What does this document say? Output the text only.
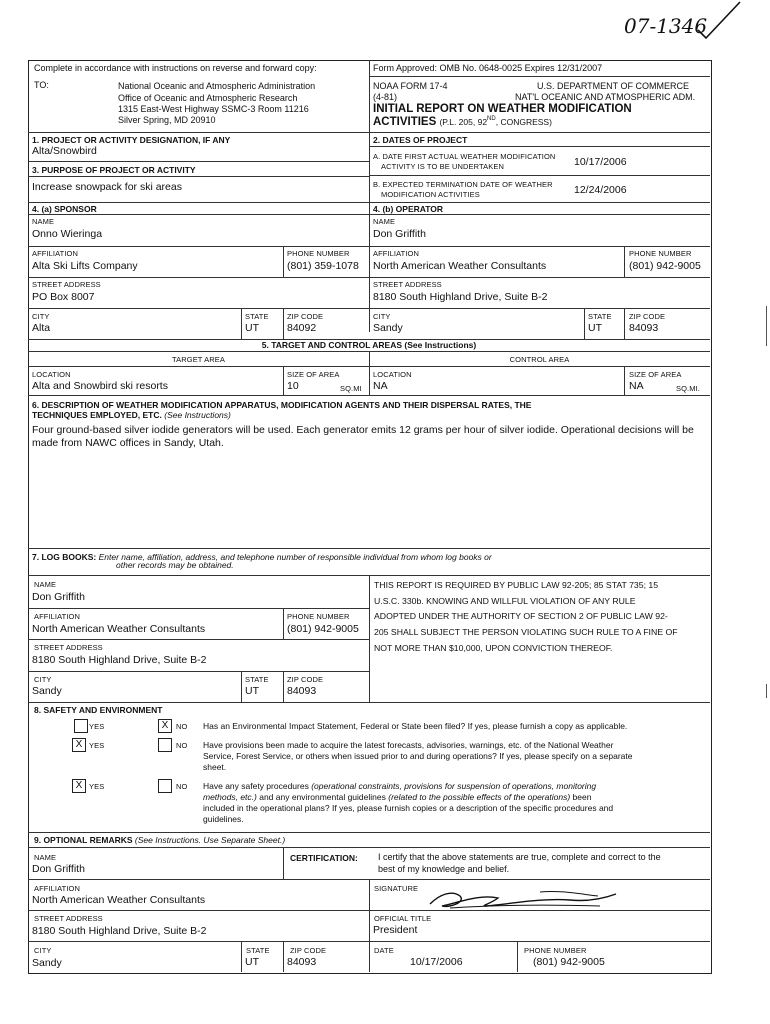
07-1346
Complete in accordance with instructions on reverse and forward copy:
TO:	National Oceanic and Atmospheric Administration
Office of Oceanic and Atmospheric Research
1315 East-West Highway SSMC-3 Room 11216
Silver Spring, MD 20910
Form Approved: OMB No. 0648-0025 Expires 12/31/2007
NOAA FORM 17-4	U.S. DEPARTMENT OF COMMERCE
(4-81)	NAT'L OCEANIC AND ATMOSPHERIC ADM.
INITIAL REPORT ON WEATHER MODIFICATION
ACTIVITIES (P.L. 205, 92ND, CONGRESS)
1. PROJECT OR ACTIVITY DESIGNATION, IF ANY
Alta/Snowbird
2. DATES OF PROJECT
A. DATE FIRST ACTUAL WEATHER MODIFICATION
ACTIVITY IS TO BE UNDERTAKEN	10/17/2006
3. PURPOSE OF PROJECT OR ACTIVITY
B. EXPECTED TERMINATION DATE OF WEATHER
MODIFICATION ACTIVITIES	12/24/2006
Increase snowpack for ski areas
4. (a) SPONSOR	4. (b) OPERATOR
NAME
Onno Wieringa
NAME
Don Griffith
AFFILIATION
Alta Ski Lifts Company
PHONE NUMBER
(801) 359-1078
AFFILIATION
North American Weather Consultants
PHONE NUMBER
(801) 942-9005
STREET ADDRESS
PO Box 8007
STREET ADDRESS
8180 South Highland Drive, Suite B-2
CITY
Alta
STATE
UT
ZIP CODE
84092
CITY
Sandy
STATE
UT
ZIP CODE
84093
5. TARGET AND CONTROL AREAS (See Instructions)
TARGET AREA	CONTROL AREA
LOCATION
Alta and Snowbird ski resorts
SIZE OF AREA
10	SQ.MI
LOCATION
NA
SIZE OF AREA
NA	SQ.MI.
6. DESCRIPTION OF WEATHER MODIFICATION APPARATUS, MODIFICATION AGENTS AND THEIR DISPERSAL RATES, THE
TECHNIQUES EMPLOYED, ETC. (See Instructions)
Four ground-based silver iodide generators will be used. Each generator emits 12 grams per hour of silver iodide. Operational decisions will be made from NAWC offices in Sandy, Utah.
7. LOG BOOKS: Enter name, affiliation, address, and telephone number of responsible individual from whom log books or
other records may be obtained.
NAME
Don Griffith
AFFILIATION
North American Weather Consultants
PHONE NUMBER
(801) 942-9005
STREET ADDRESS
8180 South Highland Drive, Suite B-2
CITY
Sandy
STATE
UT
ZIP CODE
84093
THIS REPORT IS REQUIRED BY PUBLIC LAW 92-205; 85 STAT 735; 15
U.S.C. 330b. KNOWING AND WILLFUL VIOLATION OF ANY RULE
ADOPTED UNDER THE AUTHORITY OF SECTION 2 OF PUBLIC LAW 92-
205 SHALL SUBJECT THE PERSON VIOLATING SUCH RULE TO A FINE OF
NOT MORE THAN $10,000, UPON CONVICTION THEREOF.
8. SAFETY AND ENVIRONMENT
YES	X	NO Has an Environmental Impact Statement, Federal or State been filed? If yes, please furnish a copy as applicable.
X YES	NO Have provisions been made to acquire the latest forecasts, advisories, warnings, etc. of the National Weather
Service, Forest Service, or others when issued prior to and during operations? If yes, please specify on a separate
sheet.
X YES	NO Have any safety procedures (operational constraints, provisions for suspension of operations, monitoring
methods, etc.) and any environmental guidelines (related to the possible effects of the operations) been
included in the operational plans? If yes, please furnish copies or a description of the specific procedures and
guidelines.
9. OPTIONAL REMARKS (See Instructions. Use Separate Sheet.)
NAME
Don Griffith
CERTIFICATION: I certify that the above statements are true, complete and correct to the
best of my knowledge and belief.
AFFILIATION
North American Weather Consultants
SIGNATURE
STREET ADDRESS
8180 South Highland Drive, Suite B-2
OFFICIAL TITLE
President
CITY
Sandy
STATE
UT
ZIP CODE
84093
DATE
10/17/2006
PHONE NUMBER
(801) 942-9005
